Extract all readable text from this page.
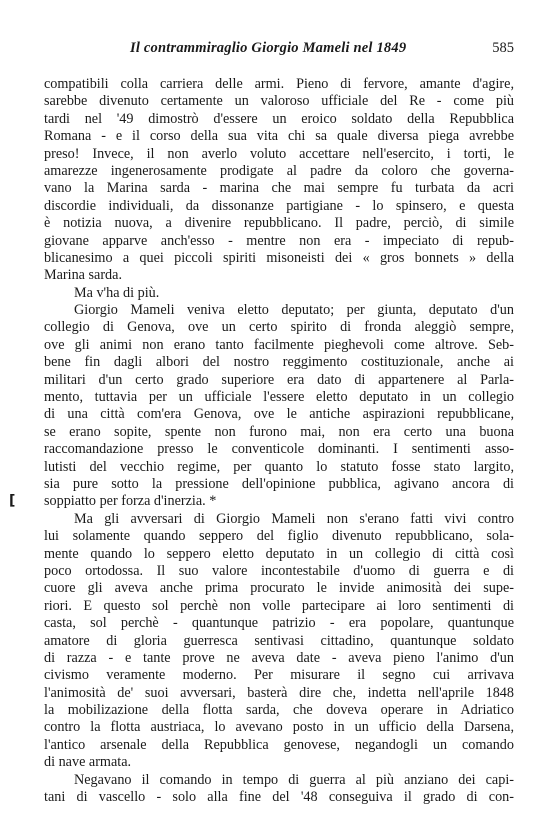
Il contrammiraglio Giorgio Mameli nel 1849	585
[
compatibili colla carriera delle armi. Pieno di fervore, amante d'agire,
sarebbe divenuto certamente un valoroso ufficiale del Re - come più
tardi nel '49 dimostrò d'essere un eroico soldato della Repubblica
Romana - e il corso della sua vita chi sa quale diversa piega avrebbe
preso! Invece, il non averlo voluto accettare nell'esercito, i torti, le
amarezze ingenerosamente prodigate al padre da coloro che governa-
vano la Marina sarda - marina che mai sempre fu turbata da acri
discordie individuali, da dissonanze partigiane - lo spinsero, e questa
è notizia nuova, a divenire repubblicano. Il padre, perciò, di simile
giovane apparve anch'esso - mentre non era - impeciato di repub-
blicanesimo a quei piccoli spiriti misoneisti dei « gros bonnets » della
Marina sarda.
Ma v'ha di più.
Giorgio Mameli veniva eletto deputato; per giunta, deputato d'un
collegio di Genova, ove un certo spirito di fronda aleggiò sempre,
ove gli animi non erano tanto facilmente pieghevoli come altrove. Seb-
bene fin dagli albori del nostro reggimento costituzionale, anche ai
militari d'un certo grado superiore era dato di appartenere al Parla-
mento, tuttavia per un ufficiale l'essere eletto deputato in un collegio
di una città com'era Genova, ove le antiche aspirazioni repubblicane,
se erano sopite, spente non furono mai, non era certo una buona
raccomandazione presso le conventicole dominanti. I sentimenti asso-
lutisti del vecchio regime, per quanto lo statuto fosse stato largito,
sia pure sotto la pressione dell'opinione pubblica, agivano ancora di
soppiatto per forza d'inerzia. *
Ma gli avversari di Giorgio Mameli non s'erano fatti vivi contro
lui solamente quando seppero del figlio divenuto repubblicano, sola-
mente quando lo seppero eletto deputato in un collegio di città così
poco ortodossa. Il suo valore incontestabile d'uomo di guerra e di
cuore gli aveva anche prima procurato le invide animosità dei supe-
riori. E questo sol perchè non volle partecipare ai loro sentimenti di
casta, sol perchè - quantunque patrizio - era popolare, quantunque
amatore di gloria guerresca sentivasi cittadino, quantunque soldato
di razza - e tante prove ne aveva date - aveva pieno l'animo d'un
civismo veramente moderno. Per misurare il segno cui arrivava
l'animosità de' suoi avversari, basterà dire che, indetta nell'aprile 1848
la mobilizazione della flotta sarda, che doveva operare in Adriatico
contro la flotta austriaca, lo avevano posto in un ufficio della Darsena,
l'antico arsenale della Repubblica genovese, negandogli un comando
di nave armata.
Negavano il comando in tempo di guerra al più anziano dei capi-
tani di vascello - solo alla fine del '48 conseguiva il grado di con-
